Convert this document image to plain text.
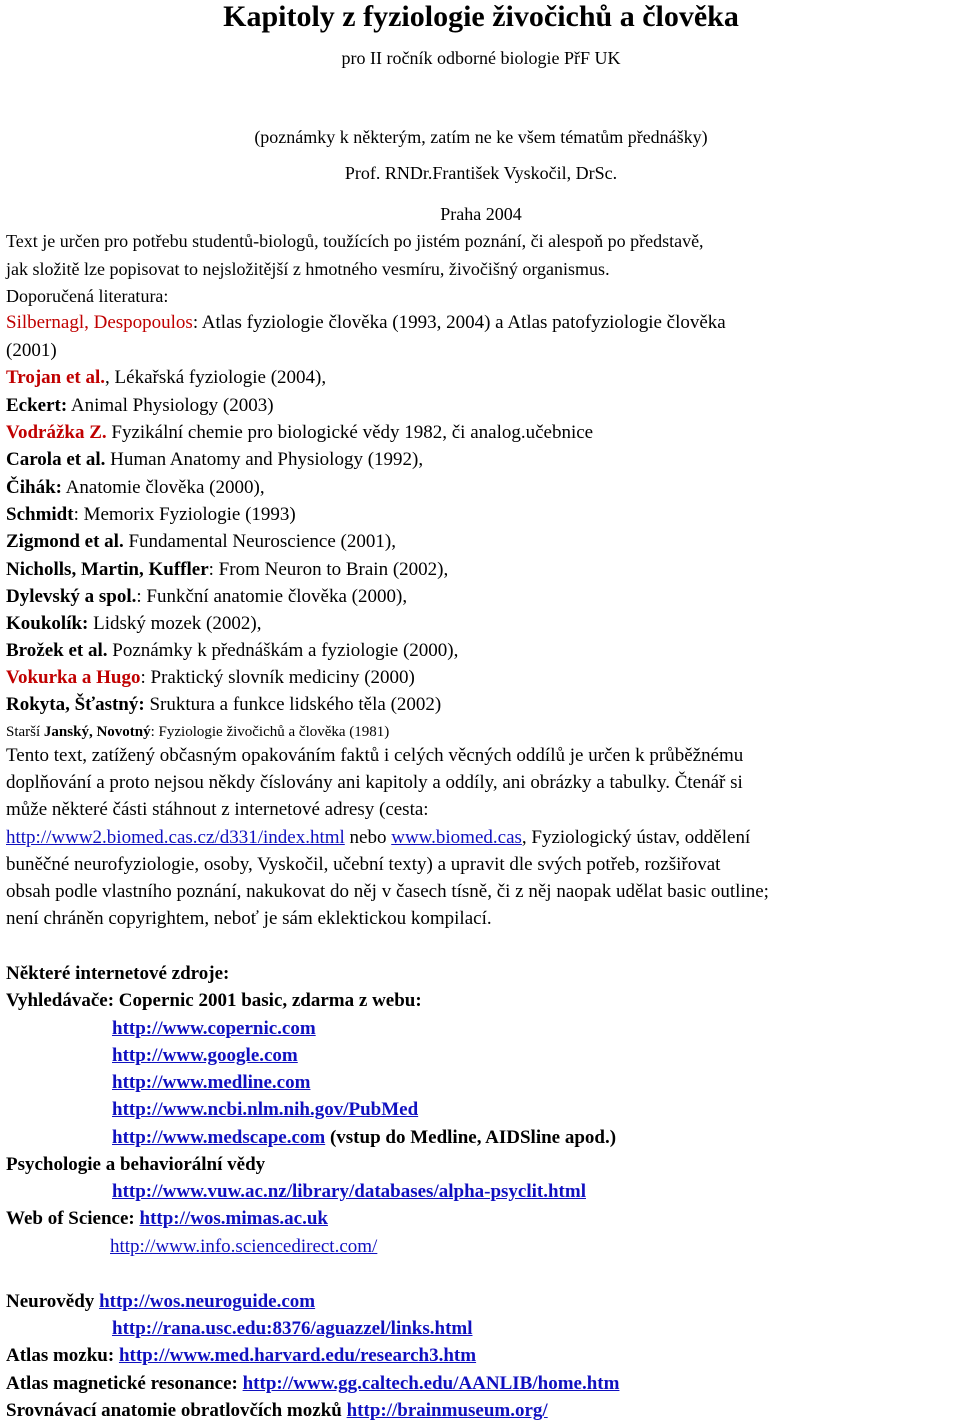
Kapitoly z fyziologie živočichů a člověka
pro II ročník odborné biologie PřF UK
(poznámky k některým, zatím ne ke všem tématům přednášky)
Prof. RNDr.František Vyskočil, DrSc.
Praha 2004
Text je určen pro potřebu studentů-biologů, toužících po jistém poznání, či alespoň po představě,
jak složitě lze popisovat to nejsložitější z hmotného vesmíru, živočišný organismus.
Doporučená literatura:
Silbernagl, Despopoulos: Atlas fyziologie člověka (1993, 2004) a Atlas patofyziologie člověka
(2001)
Trojan et al., Lékařská fyziologie (2004),
Eckert: Animal Physiology (2003)
Vodrážka Z. Fyzikální chemie pro biologické vědy 1982, či analog.učebnice
Carola et al. Human Anatomy and Physiology (1992),
Čihák: Anatomie člověka (2000),
Schmidt: Memorix Fyziologie (1993)
Zigmond et al. Fundamental Neuroscience (2001),
Nicholls, Martin, Kuffler: From Neuron to Brain (2002),
Dylevský a spol.: Funkční anatomie člověka (2000),
Koukolík: Lidský mozek (2002),
Brožek et al. Poznámky k přednáškám a fyziologie (2000),
Vokurka a Hugo: Praktický slovník mediciny (2000)
Rokyta, Šťastný: Sruktura a funkce lidského těla (2002)
Starší Janský, Novotný: Fyziologie živočichů a člověka (1981)
Tento text, zatížený občasným opakováním faktů i celých věcných oddílů je určen k průběžnému
doplňování a proto nejsou někdy číslovány ani kapitoly a oddíly, ani obrázky a tabulky. Čtenář si
může některé části stáhnout z internetové adresy (cesta:
http://www2.biomed.cas.cz/d331/index.html nebo www.biomed.cas, Fyziologický ústav, oddělení
buněčné neurofyziologie, osoby, Vyskočil, učební texty) a upravit dle svých potřeb, rozšiřovat
obsah podle vlastního poznání, nakukovat do něj v časech tísně, či z něj naopak udělat basic outline;
není chráněn copyrightem, neboť je sám eklektickou kompilací.
Některé internetové zdroje:
Vyhledávače: Copernic 2001 basic, zdarma z webu:
http://www.copernic.com
http://www.google.com
http://www.medline.com
http://www.ncbi.nlm.nih.gov/PubMed
http://www.medscape.com (vstup do Medline, AIDSline apod.)
Psychologie a behaviorální vědy
http://www.vuw.ac.nz/library/databases/alpha-psyclit.html
Web of Science: http://wos.mimas.ac.uk
http://www.info.sciencedirect.com/
Neurovědy http://wos.neuroguide.com
http://rana.usc.edu:8376/aguazzel/links.html
Atlas mozku: http://www.med.harvard.edu/research3.htm
Atlas magnetické resonance: http://www.gg.caltech.edu/AANLIB/home.htm
Srovnávací anatomie obratlovčích mozků http://brainmuseum.org/
